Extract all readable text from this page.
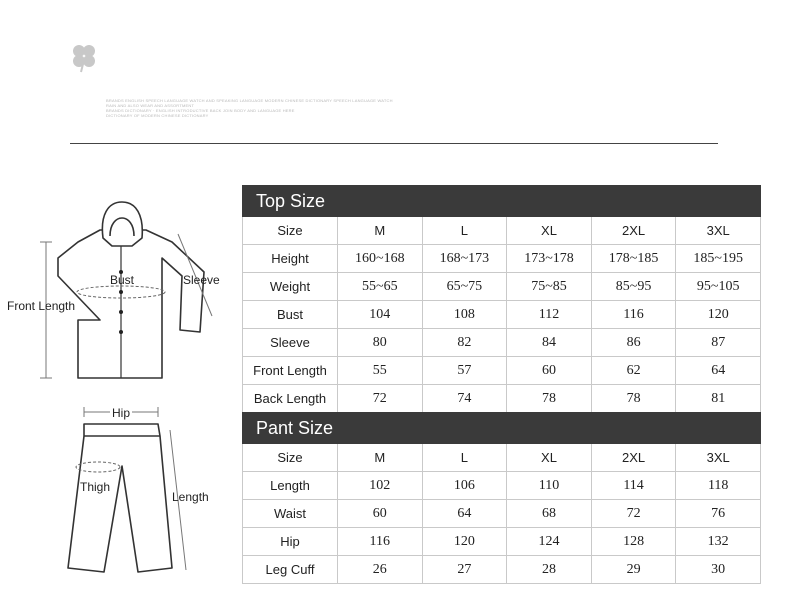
BRANDS ENGLISH SPEECH LANGUAGE WATCH AND SPEAKING LANGUAGE MODERN CHINESE DICTIONARY SPEECH LANGUAGE WATCH
RAIN AND ALSO WEAR AND ASSORTMENT
BRANDS DICTIONARY · ENGLISH INTRODUCTIVE BACK JOIN BODY AND LANGUAGE HERE
DICTIONARY OF MODERN CHINESE DICTIONARY
Bust	Sleeve
Front Length
Hip
Thigh
Length
Top Size					
Size	M	L	XL	2XL	3XL
Height	160~168	168~173	173~178	178~185	185~195
Weight	55~65	65~75	75~85	85~95	95~105
Bust	104	108	112	116	120
Sleeve	80	82	84	86	87
Front Length	55	57	60	62	64
Back Length	72	74	78	78	81
Pant Size					
Size	M	L	XL	2XL	3XL
Length	102	106	110	114	118
Waist	60	64	68	72	76
Hip	116	120	124	128	132
Leg Cuff	26	27	28	29	30
